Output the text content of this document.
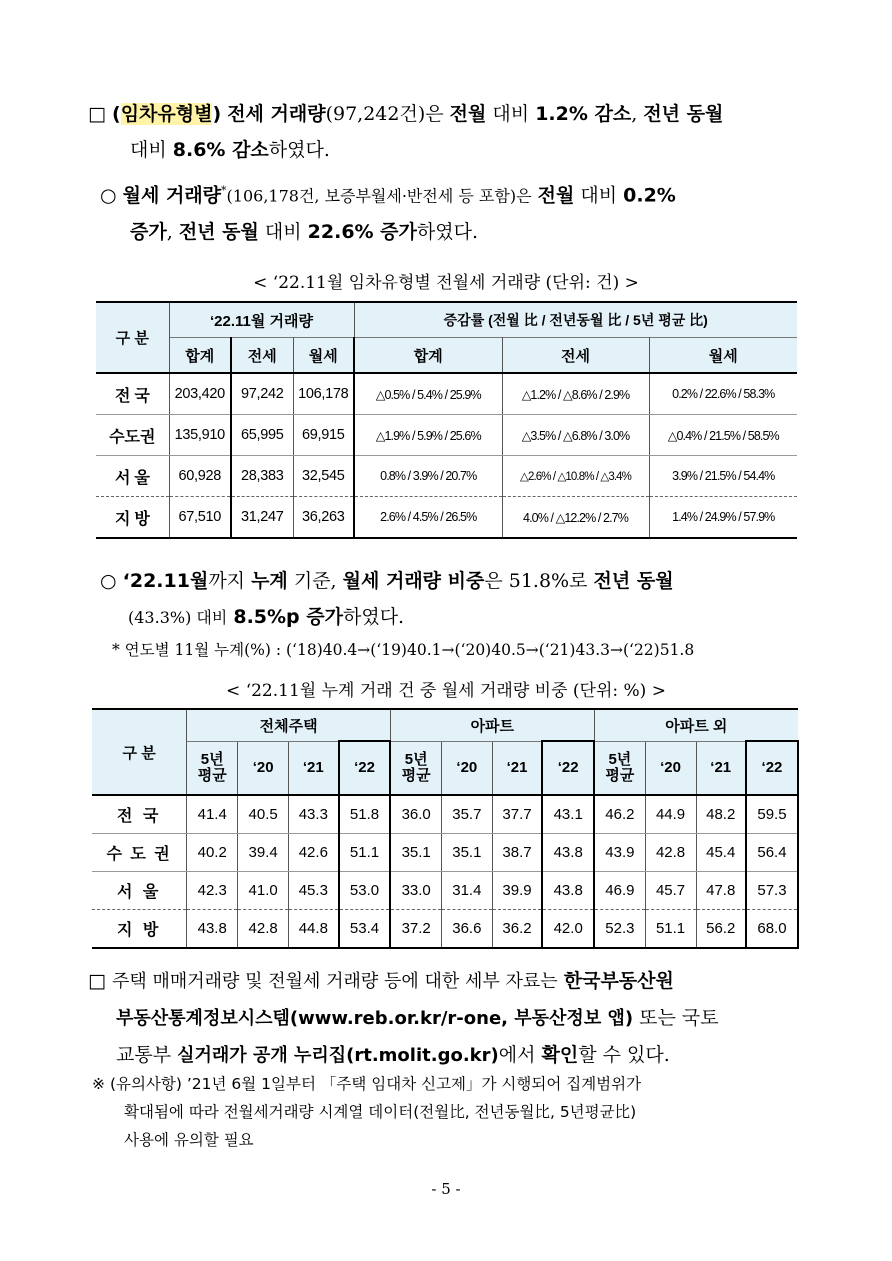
□ (임차유형별) 전세 거래량(97,242건)은 전월 대비 1.2% 감소, 전년 동월
대비 8.6% 감소하였다.
○ 월세 거래량*(106,178건, 보증부월세·반전세 등 포함)은 전월 대비 0.2%
증가, 전년 동월 대비 22.6% 증가하였다.
< ‘22.11월 임차유형별 전월세 거래량 (단위: 건) >
구 분	‘22.11월 거래량			증감률 (전월 比 / 전년동월 比 / 5년 평균 比)		
	합계	전세	월세	합계	전세	월세
전 국	203,420	97,242	106,178	△0.5% / 5.4% / 25.9%	△1.2% / △8.6% / 2.9%	0.2% / 22.6% / 58.3%
수도권	135,910	65,995	69,915	△1.9% / 5.9% / 25.6%	△3.5% / △6.8% / 3.0%	△0.4% / 21.5% / 58.5%
서 울	60,928	28,383	32,545	0.8% / 3.9% / 20.7%	△2.6% / △10.8% / △3.4%	3.9% / 21.5% / 54.4%
지 방	67,510	31,247	36,263	2.6% / 4.5% / 26.5%	4.0% / △12.2% / 2.7%	1.4% / 24.9% / 57.9%
○ ‘22.11월까지 누계 기준, 월세 거래량 비중은 51.8%로 전년 동월
(43.3%) 대비 8.5%p 증가하였다.
* 연도별 11월 누계(%) : (‘18)40.4→(‘19)40.1→(‘20)40.5→(‘21)43.3→(‘22)51.8
< ‘22.11월 누계 거래 건 중 월세 거래량 비중 (단위: %) >
구 분	전체주택				아파트				아파트 외			
	5년 평균	‘20	‘21	‘22	5년 평균	‘20	‘21	‘22	5년 평균	‘20	‘21	‘22
전 국	41.4	40.5	43.3	51.8	36.0	35.7	37.7	43.1	46.2	44.9	48.2	59.5
수 도 권	40.2	39.4	42.6	51.1	35.1	35.1	38.7	43.8	43.9	42.8	45.4	56.4
서 울	42.3	41.0	45.3	53.0	33.0	31.4	39.9	43.8	46.9	45.7	47.8	57.3
지 방	43.8	42.8	44.8	53.4	37.2	36.6	36.2	42.0	52.3	51.1	56.2	68.0
□ 주택 매매거래량 및 전월세 거래량 등에 대한 세부 자료는 한국부동산원
부동산통계정보시스템(www.reb.or.kr/r-one, 부동산정보 앱) 또는 국토
교통부 실거래가 공개 누리집(rt.molit.go.kr)에서 확인할 수 있다.
※ (유의사항) ’21년 6월 1일부터 「주택 임대차 신고제」가 시행되어 집계범위가
확대됨에 따라 전월세거래량 시계열 데이터(전월比, 전년동월比, 5년평균比)
사용에 유의할 필요
- 5 -
